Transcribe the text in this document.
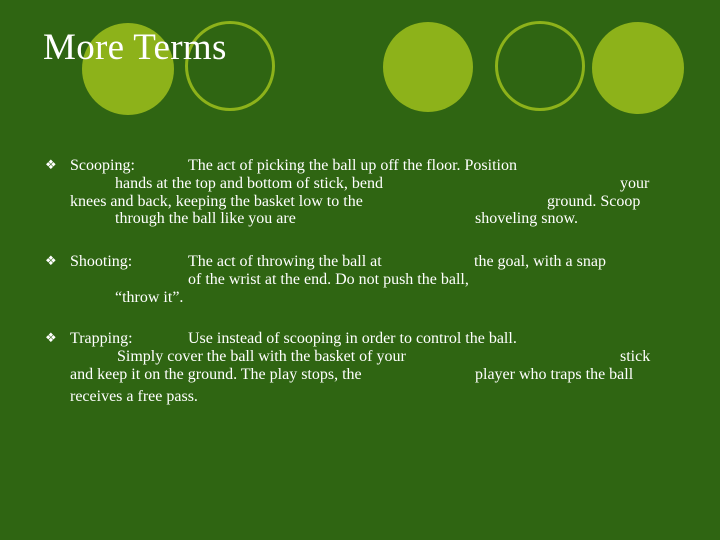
More Terms
❖ Scooping:	The act of picking the ball up off the floor. Position
hands at the top and bottom of stick, bend	your
knees and back, keeping the basket low to the	ground. Scoop
through the ball like you are	shoveling snow.
❖ Shooting:	The act of throwing the ball at	the goal, with a snap
of the wrist at the end. Do not push the ball,
“throw it”.
❖ Trapping:	Use instead of scooping in order to control the ball.
Simply cover the ball with the basket of your	stick
and keep it on the ground. The play stops, the	player who traps the ball
receives a free pass.
